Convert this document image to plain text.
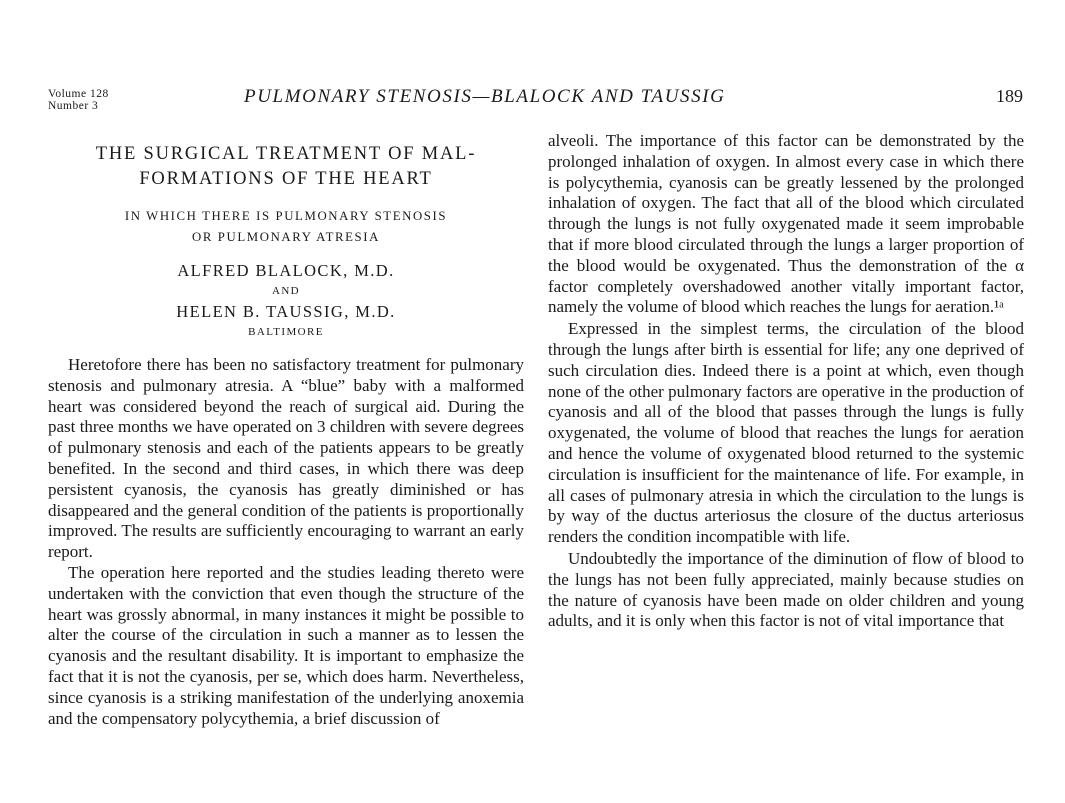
Volume 128
Number 3	PULMONARY STENOSIS—BLALOCK AND TAUSSIG	189
THE SURGICAL TREATMENT OF MAL-
FORMATIONS OF THE HEART
IN WHICH THERE IS PULMONARY STENOSIS
OR PULMONARY ATRESIA
ALFRED BLALOCK, M.D.
AND
HELEN B. TAUSSIG, M.D.
BALTIMORE

Heretofore there has been no satisfactory treatment for pulmonary stenosis and pulmonary atresia. A “blue” baby with a malformed heart was considered beyond the reach of surgical aid. During the past three months we have operated on 3 children with severe degrees of pulmonary stenosis and each of the patients appears to be greatly benefited. In the second and third cases, in which there was deep persistent cyanosis, the cyanosis has greatly diminished or has disappeared and the general condition of the patients is proportionally improved. The results are sufficiently encouraging to warrant an early report.

The operation here reported and the studies leading thereto were undertaken with the conviction that even though the structure of the heart was grossly abnormal, in many instances it might be possible to alter the course of the circulation in such a manner as to lessen the cyanosis and the resultant disability. It is important to emphasize the fact that it is not the cyanosis, per se, which does harm. Nevertheless, since cyanosis is a striking manifestation of the underlying anoxemia and the compensatory polycythemia, a brief discussion of

alveoli. The importance of this factor can be demonstrated by the prolonged inhalation of oxygen. In almost every case in which there is polycythemia, cyanosis can be greatly lessened by the prolonged inhalation of oxygen. The fact that all of the blood which circulated through the lungs is not fully oxygenated made it seem improbable that if more blood circulated through the lungs a larger proportion of the blood would be oxygenated. Thus the demonstration of the α factor completely overshadowed another vitally important factor, namely the volume of blood which reaches the lungs for aeration.¹ᵃ

Expressed in the simplest terms, the circulation of the blood through the lungs after birth is essential for life; any one deprived of such circulation dies. Indeed there is a point at which, even though none of the other pulmonary factors are operative in the production of cyanosis and all of the blood that passes through the lungs is fully oxygenated, the volume of blood that reaches the lungs for aeration and hence the volume of oxygenated blood returned to the systemic circulation is insufficient for the maintenance of life. For example, in all cases of pulmonary atresia in which the circulation to the lungs is by way of the ductus arteriosus the closure of the ductus arteriosus renders the condition incompatible with life.

Undoubtedly the importance of the diminution of flow of blood to the lungs has not been fully appreciated, mainly because studies on the nature of cyanosis have been made on older children and young adults, and it is only when this factor is not of vital importance that
